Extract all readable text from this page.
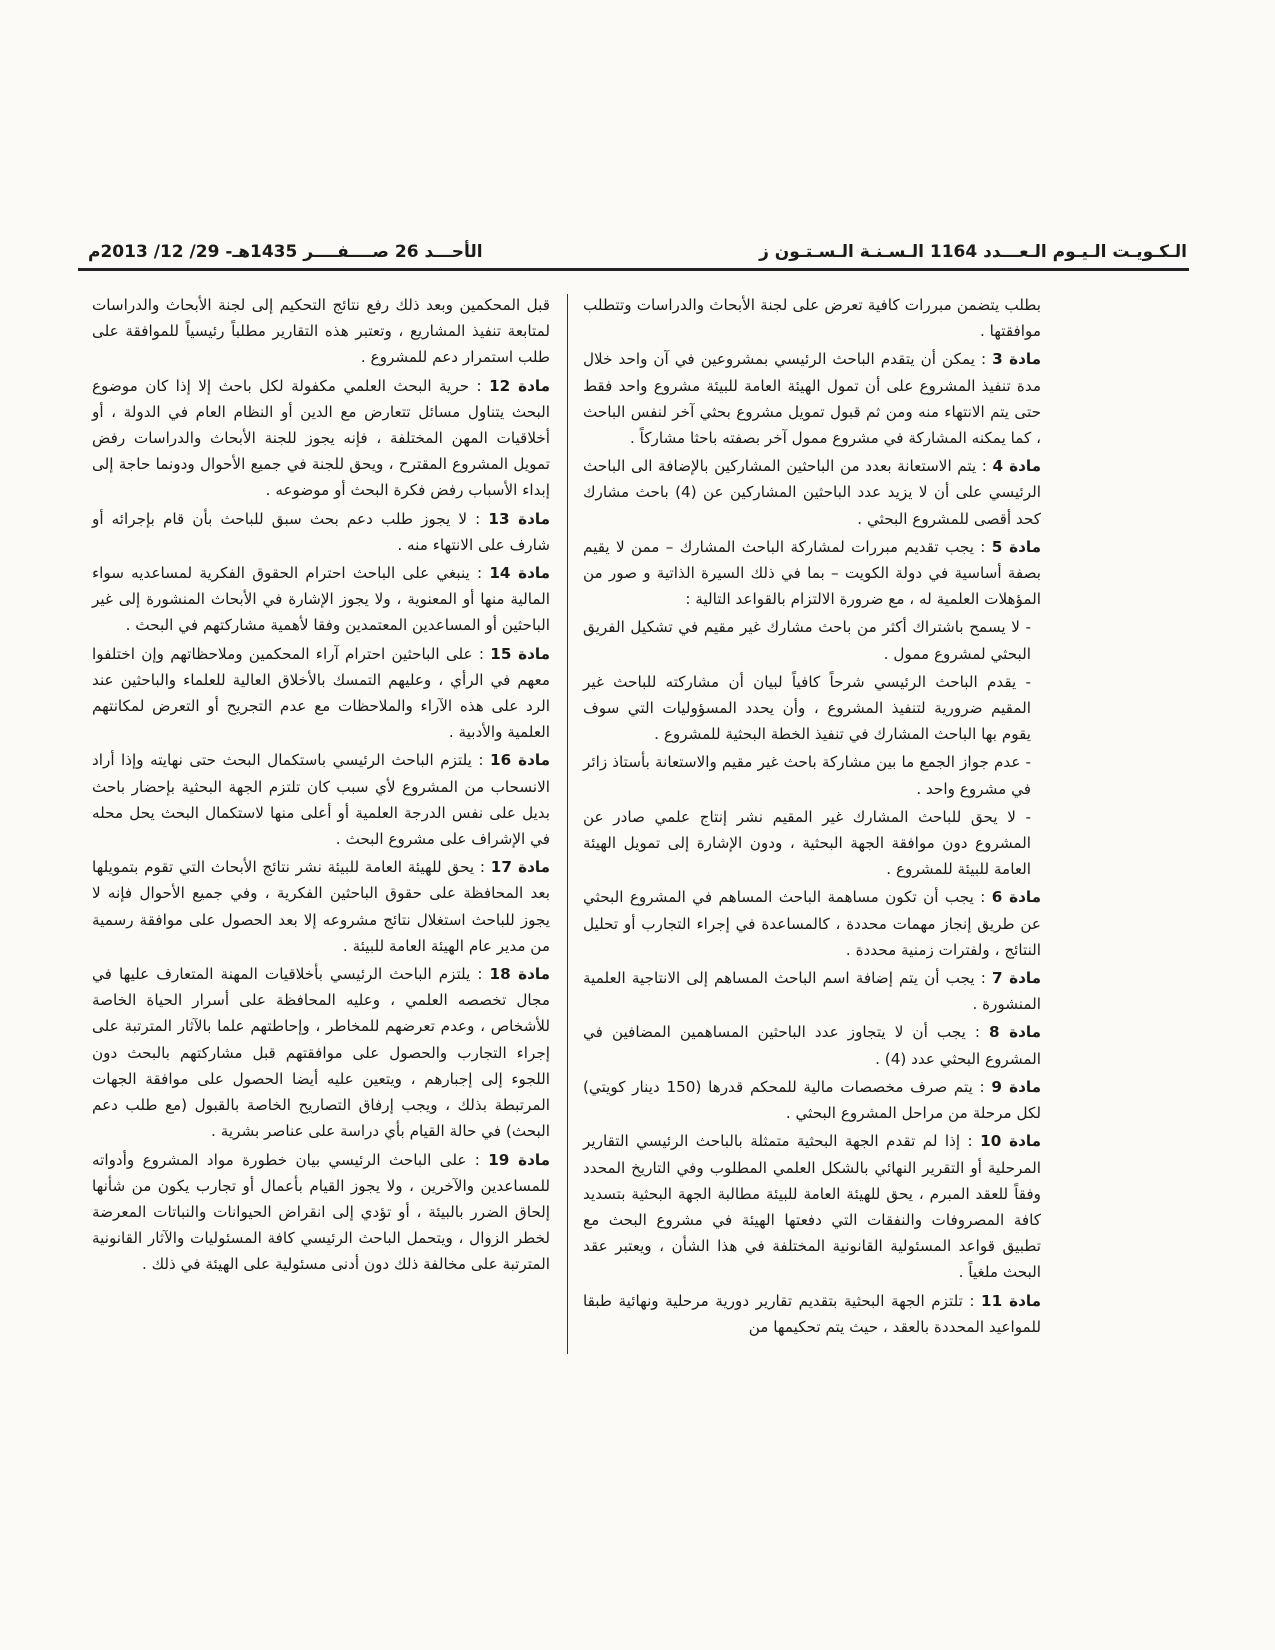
الأحـــد 26 صــــفــــر 1435هـ- 29/ 12/ 2013م	الـكـويـت الـيـوم الـعـــدد 1164 الـسـنـة الـسـتـون ز

بطلب يتضمن مبررات كافية تعرض على لجنة الأبحاث والدراسات وتتطلب موافقتها .

مادة 3 : يمكن أن يتقدم الباحث الرئيسي بمشروعين في آن واحد خلال مدة تنفيذ المشروع على أن تمول الهيئة العامة للبيئة مشروع واحد فقط حتى يتم الانتهاء منه ومن ثم قبول تمويل مشروع بحثي آخر لنفس الباحث ، كما يمكنه المشاركة في مشروع ممول آخر بصفته باحثا مشاركاً .

مادة 4 : يتم الاستعانة بعدد من الباحثين المشاركين بالإضافة الى الباحث الرئيسي على أن لا يزيد عدد الباحثين المشاركين عن (4) باحث مشارك كحد أقصى للمشروع البحثي .

مادة 5 : يجب تقديم مبررات لمشاركة الباحث المشارك – ممن لا يقيم بصفة أساسية في دولة الكويت – بما في ذلك السيرة الذاتية و صور من المؤهلات العلمية له ، مع ضرورة الالتزام بالقواعد التالية :

- لا يسمح باشتراك أكثر من باحث مشارك غير مقيم في تشكيل الفريق البحثي لمشروع ممول .

- يقدم الباحث الرئيسي شرحاً كافياً لبيان أن مشاركته للباحث غير المقيم ضرورية لتنفيذ المشروع ، وأن يحدد المسؤوليات التي سوف يقوم بها الباحث المشارك في تنفيذ الخطة البحثية للمشروع .

- عدم جواز الجمع ما بين مشاركة باحث غير مقيم والاستعانة بأستاذ زائر في مشروع واحد .

- لا يحق للباحث المشارك غير المقيم نشر إنتاج علمي صادر عن المشروع دون موافقة الجهة البحثية ، ودون الإشارة إلى تمويل الهيئة العامة للبيئة للمشروع .

مادة 6 : يجب أن تكون مساهمة الباحث المساهم في المشروع البحثي عن طريق إنجاز مهمات محددة ، كالمساعدة في إجراء التجارب أو تحليل النتائج ، ولفترات زمنية محددة .

مادة 7 : يجب أن يتم إضافة اسم الباحث المساهم إلى الانتاجية العلمية المنشورة .

مادة 8 : يجب أن لا يتجاوز عدد الباحثين المساهمين المضافين في المشروع البحثي عدد (4) .

مادة 9 : يتم صرف مخصصات مالية للمحكم قدرها (150 دينار كويتي) لكل مرحلة من مراحل المشروع البحثي .

مادة 10 : إذا لم تقدم الجهة البحثية متمثلة بالباحث الرئيسي التقارير المرحلية أو التقرير النهائي بالشكل العلمي المطلوب وفي التاريخ المحدد وفقاً للعقد المبرم ، يحق للهيئة العامة للبيئة مطالبة الجهة البحثية بتسديد كافة المصروفات والنفقات التي دفعتها الهيئة في مشروع البحث مع تطبيق قواعد المسئولية القانونية المختلفة في هذا الشأن ، ويعتبر عقد البحث ملغياً .

مادة 11 : تلتزم الجهة البحثية بتقديم تقارير دورية مرحلية ونهائية طبقا للمواعيد المحددة بالعقد ، حيث يتم تحكيمها من

قبل المحكمين وبعد ذلك رفع نتائج التحكيم إلى لجنة الأبحاث والدراسات لمتابعة تنفيذ المشاريع ، وتعتبر هذه التقارير مطلباً رئيسياً للموافقة على طلب استمرار دعم للمشروع .

مادة 12 : حرية البحث العلمي مكفولة لكل باحث إلا إذا كان موضوع البحث يتناول مسائل تتعارض مع الدين أو النظام العام في الدولة ، أو أخلاقيات المهن المختلفة ، فإنه يجوز للجنة الأبحاث والدراسات رفض تمويل المشروع المقترح ، ويحق للجنة في جميع الأحوال ودونما حاجة إلى إبداء الأسباب رفض فكرة البحث أو موضوعه .

مادة 13 : لا يجوز طلب دعم بحث سبق للباحث بأن قام بإجرائه أو شارف على الانتهاء منه .

مادة 14 : ينبغي على الباحث احترام الحقوق الفكرية لمساعديه سواء المالية منها أو المعنوية ، ولا يجوز الإشارة في الأبحاث المنشورة إلى غير الباحثين أو المساعدين المعتمدين وفقا لأهمية مشاركتهم في البحث .

مادة 15 : على الباحثين احترام آراء المحكمين وملاحظاتهم وإن اختلفوا معهم في الرأي ، وعليهم التمسك بالأخلاق العالية للعلماء والباحثين عند الرد على هذه الآراء والملاحظات مع عدم التجريح أو التعرض لمكانتهم العلمية والأدبية .

مادة 16 : يلتزم الباحث الرئيسي باستكمال البحث حتى نهايته وإذا أراد الانسحاب من المشروع لأي سبب كان تلتزم الجهة البحثية بإحضار باحث بديل على نفس الدرجة العلمية أو أعلى منها لاستكمال البحث يحل محله في الإشراف على مشروع البحث .

مادة 17 : يحق للهيئة العامة للبيئة نشر نتائج الأبحاث التي تقوم بتمويلها بعد المحافظة على حقوق الباحثين الفكرية ، وفي جميع الأحوال فإنه لا يجوز للباحث استغلال نتائج مشروعه إلا بعد الحصول على موافقة رسمية من مدير عام الهيئة العامة للبيئة .

مادة 18 : يلتزم الباحث الرئيسي بأخلاقيات المهنة المتعارف عليها في مجال تخصصه العلمي ، وعليه المحافظة على أسرار الحياة الخاصة للأشخاص ، وعدم تعرضهم للمخاطر ، وإحاطتهم علما بالآثار المترتبة على إجراء التجارب والحصول على موافقتهم قبل مشاركتهم بالبحث دون اللجوء إلى إجبارهم ، ويتعين عليه أيضا الحصول على موافقة الجهات المرتبطة بذلك ، ويجب إرفاق التصاريح الخاصة بالقبول (مع طلب دعم البحث) في حالة القيام بأي دراسة على عناصر بشرية .

مادة 19 : على الباحث الرئيسي بيان خطورة مواد المشروع وأدواته للمساعدين والآخرين ، ولا يجوز القيام بأعمال أو تجارب يكون من شأنها إلحاق الضرر بالبيئة ، أو تؤدي إلى انقراض الحيوانات والنباتات المعرضة لخطر الزوال ، ويتحمل الباحث الرئيسي كافة المسئوليات والآثار القانونية المترتبة على مخالفة ذلك دون أدنى مسئولية على الهيئة في ذلك .
